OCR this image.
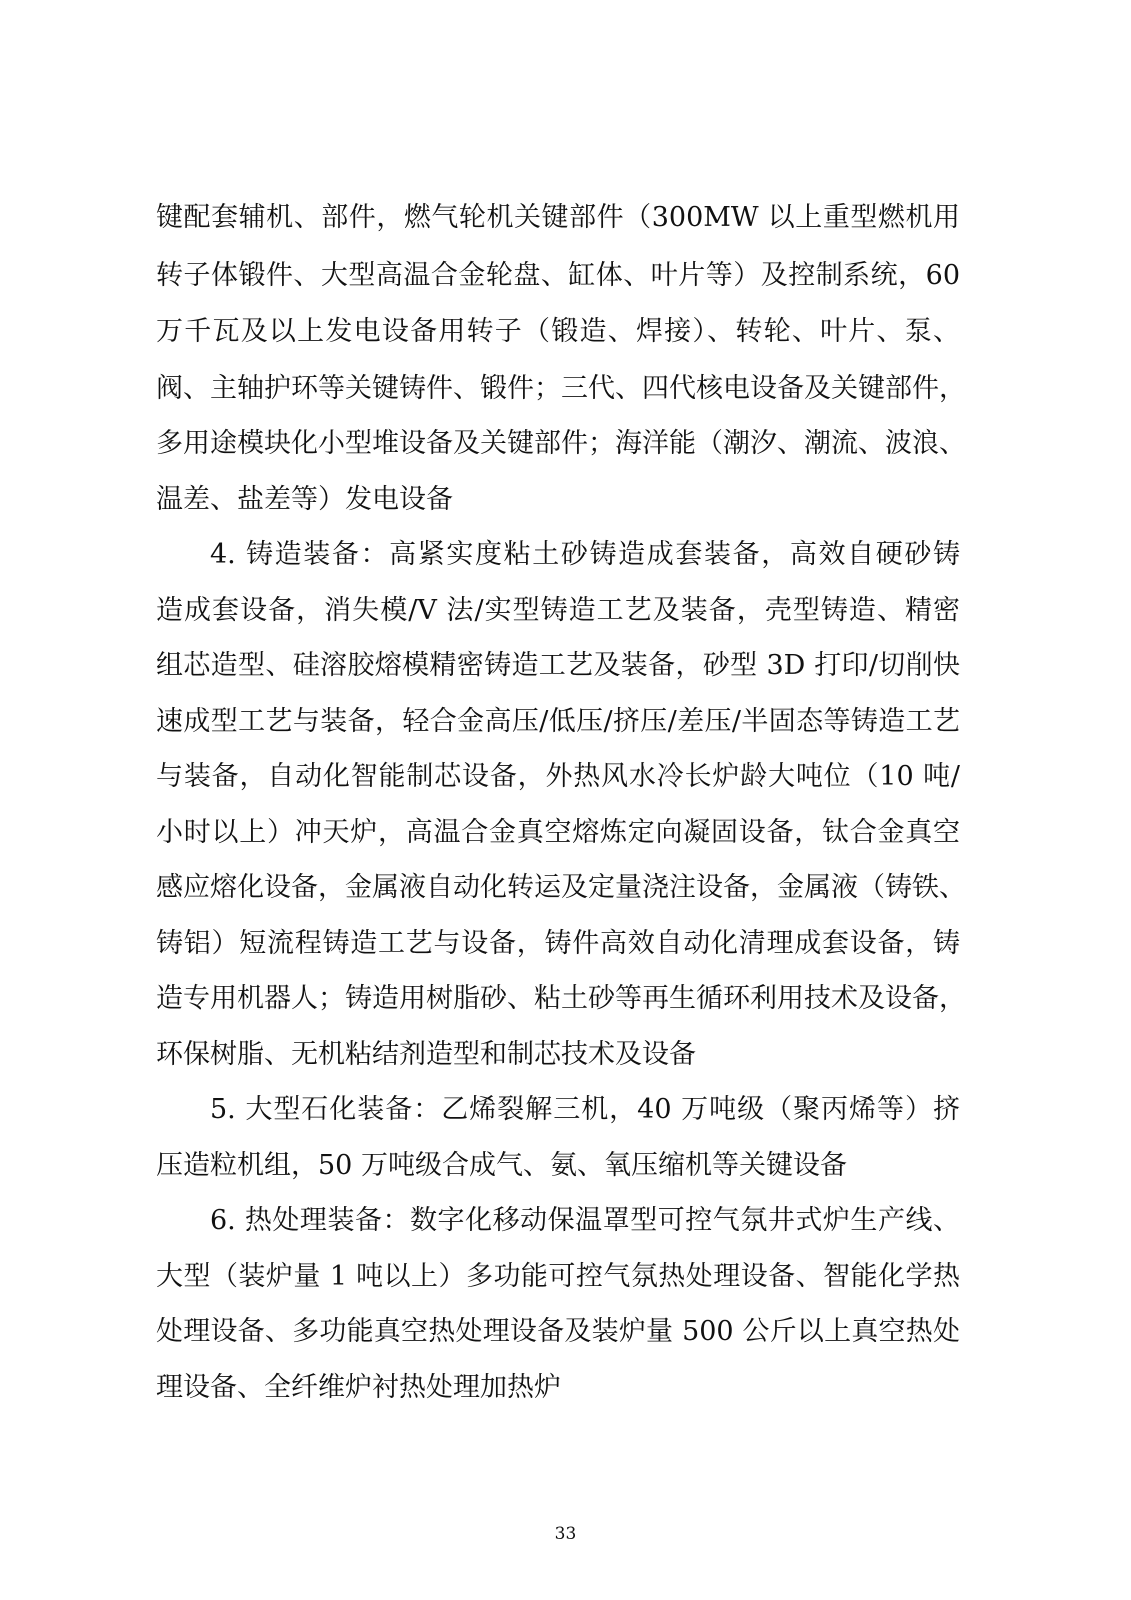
键配套辅机、部件，燃气轮机关键部件（300MW 以上重型燃机用
转子体锻件、大型高温合金轮盘、缸体、叶片等）及控制系统，60
万千瓦及以上发电设备用转子（锻造、焊接）、转轮、叶片、泵、
阀、主轴护环等关键铸件、锻件；三代、四代核电设备及关键部件，
多用途模块化小型堆设备及关键部件；海洋能（潮汐、潮流、波浪、
温差、盐差等）发电设备
4. 铸造装备：高紧实度粘土砂铸造成套装备，高效自硬砂铸
造成套设备，消失模/V 法/实型铸造工艺及装备，壳型铸造、精密
组芯造型、硅溶胶熔模精密铸造工艺及装备，砂型 3D 打印/切削快
速成型工艺与装备，轻合金高压/低压/挤压/差压/半固态等铸造工艺
与装备，自动化智能制芯设备，外热风水冷长炉龄大吨位（10 吨/
小时以上）冲天炉，高温合金真空熔炼定向凝固设备，钛合金真空
感应熔化设备，金属液自动化转运及定量浇注设备，金属液（铸铁、
铸铝）短流程铸造工艺与设备，铸件高效自动化清理成套设备，铸
造专用机器人；铸造用树脂砂、粘土砂等再生循环利用技术及设备，
环保树脂、无机粘结剂造型和制芯技术及设备
5. 大型石化装备：乙烯裂解三机，40 万吨级（聚丙烯等）挤
压造粒机组，50 万吨级合成气、氨、氧压缩机等关键设备
6. 热处理装备：数字化移动保温罩型可控气氛井式炉生产线、
大型（装炉量 1 吨以上）多功能可控气氛热处理设备、智能化学热
处理设备、多功能真空热处理设备及装炉量 500 公斤以上真空热处
理设备、全纤维炉衬热处理加热炉
33
